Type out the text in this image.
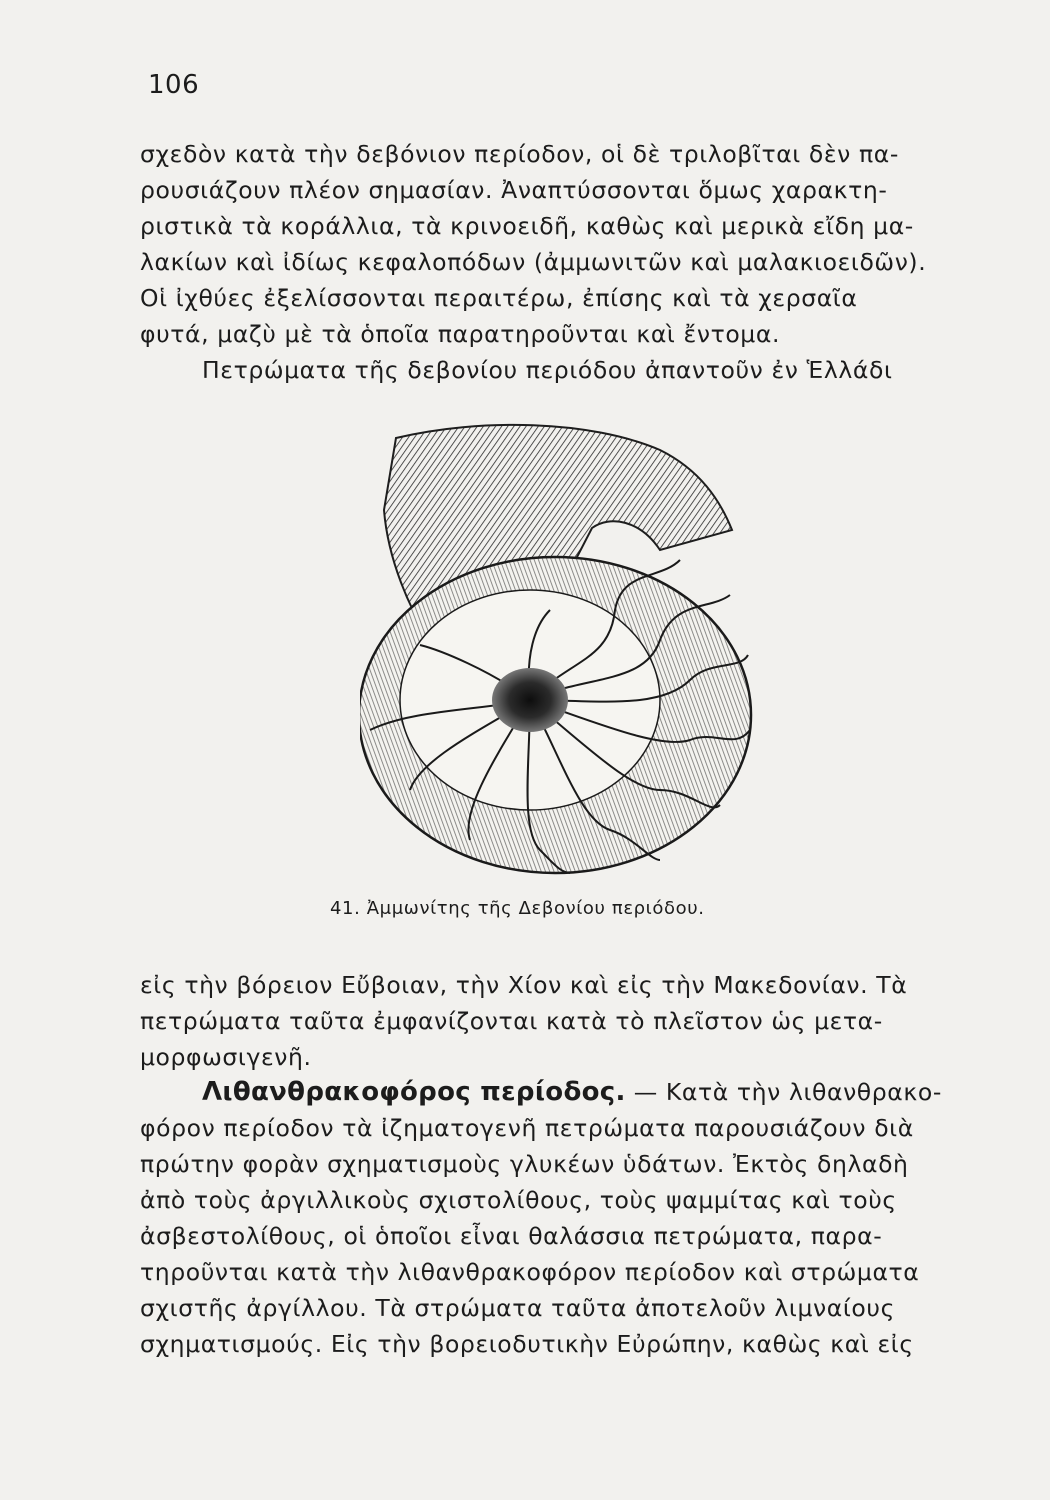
106
σχεδὸν κατὰ τὴν δεβόνιον περίοδον, οἱ δὲ τριλοβῖται δὲν πα-
ρουσιάζουν πλέον σημασίαν. Ἀναπτύσσονται ὅμως χαρακτη-
ριστικὰ τὰ κοράλλια, τὰ κρινοειδῆ, καθὼς καὶ μερικὰ εἴδη μα-
λακίων καὶ ἰδίως κεφαλοπόδων (ἀμμωνιτῶν καὶ μαλακιοειδῶν).
Οἱ ἰχθύες ἐξελίσσονται περαιτέρω, ἐπίσης καὶ τὰ χερσαῖα
φυτά, μαζὺ μὲ τὰ ὁποῖα παρατηροῦνται καὶ ἔντομα.
Πετρώματα τῆς δεβονίου περιόδου ἀπαντοῦν ἐν Ἑλλάδι
41. Ἀμμωνίτης τῆς Δεβονίου περιόδου.
εἰς τὴν βόρειον Εὔβοιαν, τὴν Χίον καὶ εἰς τὴν Μακεδονίαν. Τὰ
πετρώματα ταῦτα ἐμφανίζονται κατὰ τὸ πλεῖστον ὡς μετα-
μορφωσιγενῆ.
Λιθανθρακοφόρος περίοδος. — Κατὰ τὴν λιθανθρακο-
φόρον περίοδον τὰ ἰζηματογενῆ πετρώματα παρουσιάζουν διὰ
πρώτην φορὰν σχηματισμοὺς γλυκέων ὑδάτων. Ἐκτὸς δηλαδὴ
ἀπὸ τοὺς ἀργιλλικοὺς σχιστολίθους, τοὺς ψαμμίτας καὶ τοὺς
ἀσβεστολίθους, οἱ ὁποῖοι εἶναι θαλάσσια πετρώματα, παρα-
τηροῦνται κατὰ τὴν λιθανθρακοφόρον περίοδον καὶ στρώματα
σχιστῆς ἀργίλλου. Τὰ στρώματα ταῦτα ἀποτελοῦν λιμναίους
σχηματισμούς. Εἰς τὴν βορειοδυτικὴν Εὐρώπην, καθὼς καὶ εἰς
